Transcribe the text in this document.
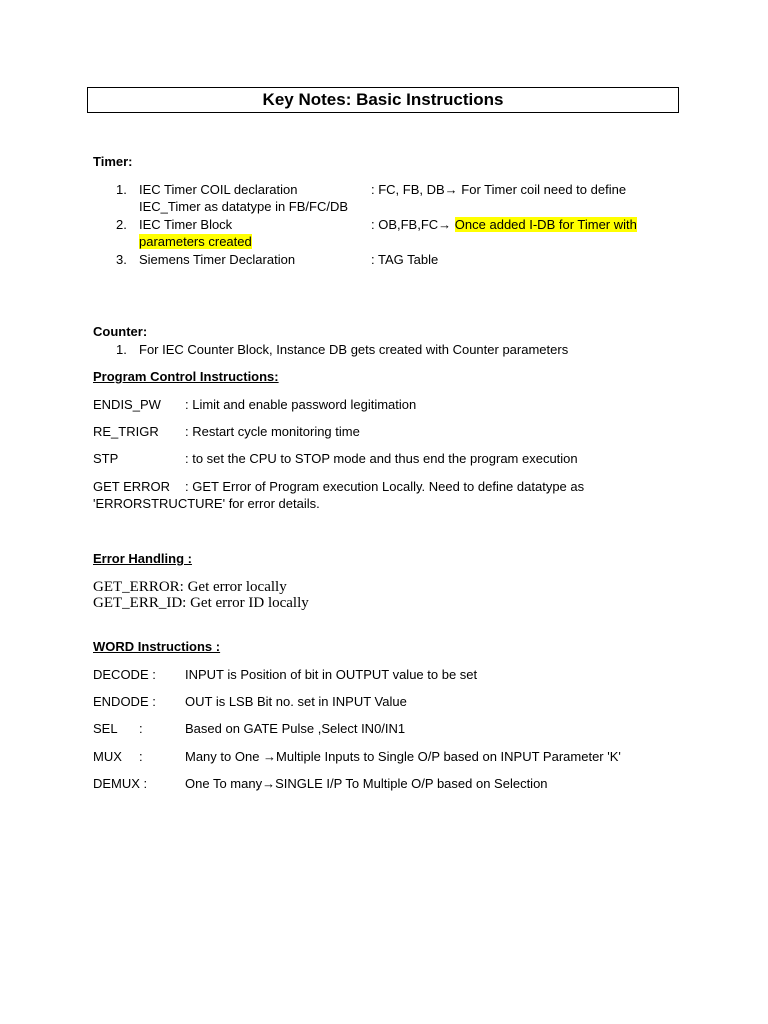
Key Notes: Basic Instructions
Timer:
1. IEC Timer COIL declaration	: FC, FB, DB→ For Timer coil need to define
IEC_Timer as datatype in FB/FC/DB
2. IEC Timer Block	: OB,FB,FC→ Once added I-DB for Timer with
parameters created
3. Siemens Timer Declaration	: TAG Table
Counter:
1. For IEC Counter Block, Instance DB gets created with Counter parameters
Program Control Instructions:
ENDIS_PW : Limit and enable password legitimation
RE_TRIGR : Restart cycle monitoring time
STP	: to set the CPU to STOP mode and thus end the program execution
GET ERROR : GET Error of Program execution Locally. Need to define datatype as
'ERRORSTRUCTURE' for error details.
Error Handling :
GET_ERROR: Get error locally
GET_ERR_ID: Get error ID locally
WORD Instructions :
DECODE : INPUT is Position of bit in OUTPUT value to be set
ENDODE : OUT is LSB Bit no. set in INPUT Value
SEL :	Based on GATE Pulse ,Select IN0/IN1
MUX :	Many to One →Multiple Inputs to Single O/P based on INPUT Parameter 'K'
DEMUX :	One To many→SINGLE I/P To Multiple O/P based on Selection
